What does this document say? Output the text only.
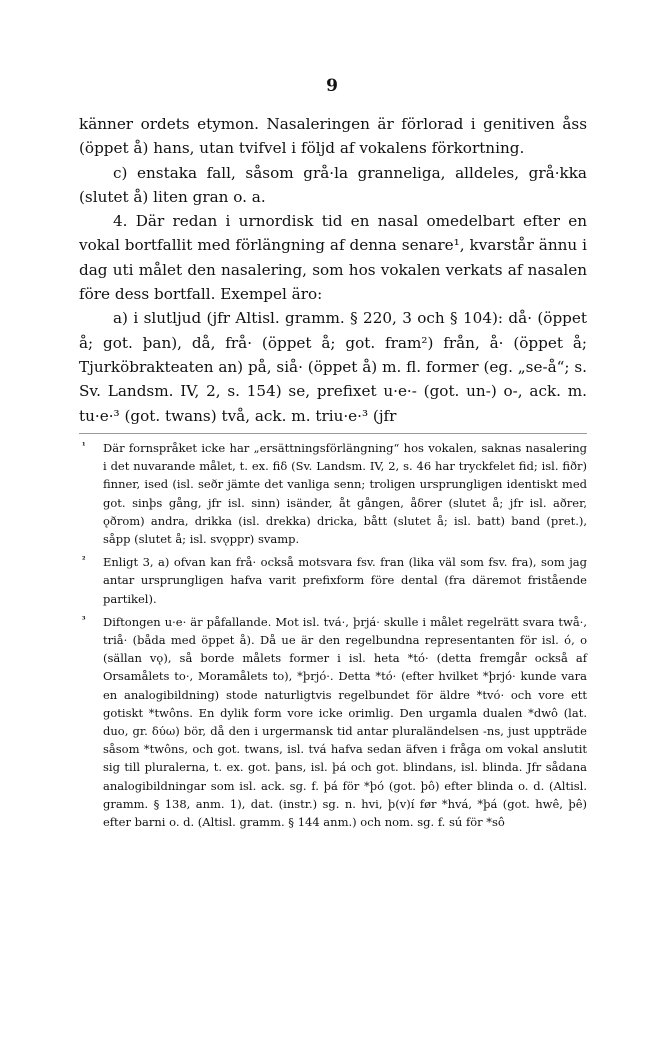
9

känner ordets etymon. Nasaleringen är förlorad i genitiven åss (öppet å) hans, utan tvifvel i följd af vokalens förkortning.

c) enstaka fall, såsom grå·la granneliga, alldeles, grå·kka (slutet å) liten gran o. a.

4. Där redan i urnordisk tid en nasal omedelbart efter en vokal bortfallit med förlängning af denna senare¹, kvarstår ännu i dag uti målet den nasalering, som hos vokalen verkats af nasalen före dess bortfall. Exempel äro:

a) i slutljud (jfr Altisl. gramm. § 220, 3 och § 104): då· (öppet å; got. þan), då, frå· (öppet å; got. fram²) från, å· (öppet å; Tjurköbrakteaten an) på, siå· (öppet å) m. fl. former (eg. „se-å“; s. Sv. Landsm. IV, 2, s. 154) se, prefixet u·e·- (got. un-) o-, ack. m. tu·e·³ (got. twans) två, ack. m. triu·e·³ (jfr

¹ Där fornspråket icke har „ersättningsförlängning“ hos vokalen, saknas nasalering i det nuvarande målet, t. ex. fiδ (Sv. Landsm. IV, 2, s. 46 har tryckfelet fid; isl. fiðr) finner, ised (isl. seðr jämte det vanliga senn; troligen ursprungligen identiskt med got. sinþs gång, jfr isl. sinn) isänder, åt gången, åδrer (slutet å; jfr isl. aðrer, ǫðrom) andra, drikka (isl. drekka) dricka, bått (slutet å; isl. batt) band (pret.), såpp (slutet å; isl. svǫppr) svamp.
² Enligt 3, a) ofvan kan frå· också motsvara fsv. fran (lika väl som fsv. fra), som jag antar ursprungligen hafva varit prefixform före dental (fra däremot fristående partikel).
³ Diftongen u·e· är påfallande. Mot isl. tvá·, þrjá· skulle i målet regelrätt svara twå·, triå· (båda med öppet å). Då ue är den regelbundna representanten för isl. ó, o (sällan vǫ), så borde målets former i isl. heta *tó· (detta fremgår också af Orsamålets to·, Moramålets to), *þrjó·. Detta *tó· (efter hvilket *þrjó· kunde vara en analogibildning) stode naturligtvis regelbundet för äldre *tvó· och vore ett gotiskt *twôns. En dylik form vore icke orimlig. Den urgamla dualen *dwô (lat. duo, gr. δύω) bör, då den i urgermansk tid antar pluraländelsen -ns, just uppträde såsom *twôns, och got. twans, isl. tvá hafva sedan äfven i fråga om vokal anslutit sig till pluralerna, t. ex. got. þans, isl. þá och got. blindans, isl. blinda. Jfr sådana analogibildningar som isl. ack. sg. f. þá för *þó (got. þô) efter blinda o. d. (Altisl. gramm. § 138, anm. 1), dat. (instr.) sg. n. hvi, þ(v)í før *hvá, *þá (got. hwê, þê) efter barni o. d. (Altisl. gramm. § 144 anm.) och nom. sg. f. sú för *sô
